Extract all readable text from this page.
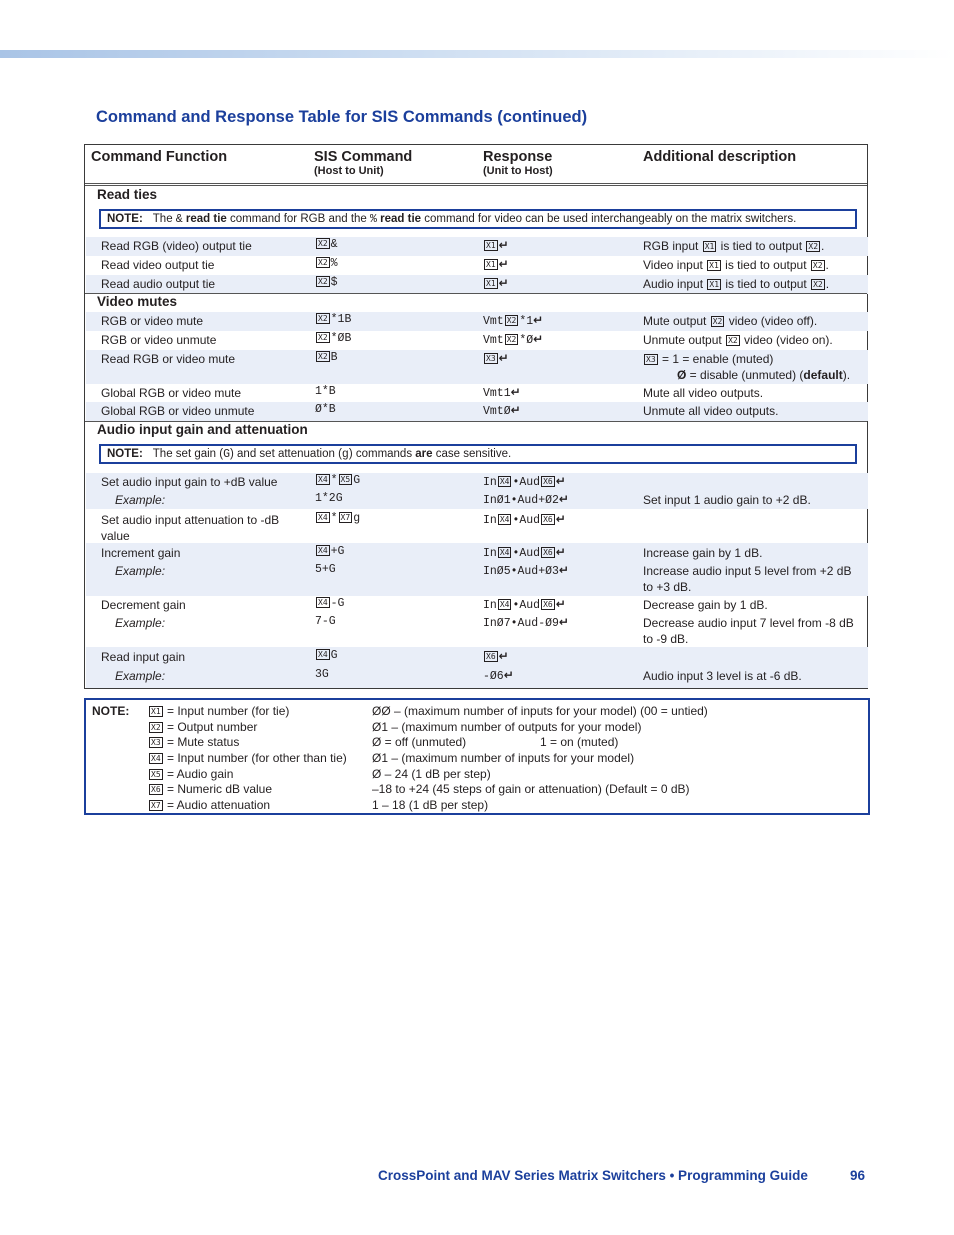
Command and Response Table for SIS Commands (continued)
Command Function	SIS Command
(Host to Unit)
Response
(Unit to Host)
Additional description
Read ties
NOTE: The & read tie command for RGB and the % read tie command for video can be used interchangeably on the matrix switchers.
Read RGB (video) output tie	X2 &	X1 ↵	RGB input X1 is tied to output X2 .
Read video output tie	X2 %	X1 ↵	Video input X1 is tied to output X2 .
Read audio output tie	X2 $	X1 ↵	Audio input X1 is tied to output X2 .
Video mutes
RGB or video mute	X2 *1B	Vmt X2 *1↵	Mute output X2 video (video off).
RGB or video unmute	X2 *ØB	Vmt X2 *Ø↵	Unmute output X2 video (video on).
Read RGB or video mute	X2 B	X3 ↵	X3 = 1 = enable (muted)
Ø = disable (unmuted) (default).
Global RGB or video mute	1*B	Vmt1↵	Mute all video outputs.
Global RGB or video unmute	Ø*B	VmtØ↵	Unmute all video outputs.
Audio input gain and attenuation
NOTE: The set gain (G) and set attenuation (g) commands are case sensitive.
Set audio input gain to +dB value	X4 * X5 G	In X4 •Aud X6 ↵
Example:	1*2G	InØ1•Aud+Ø2↵	Set input 1 audio gain to +2 dB.
Set audio input attenuation to -dB value
X4 * X7 g	In X4 •Aud X6 ↵
Increment gain	X4 +G	In X4 •Aud X6 ↵	Increase gain by 1 dB.
Example:	5+G	InØ5•Aud+Ø3↵	Increase audio input 5 level from +2 dB to +3 dB.
Decrement gain	X4 -G	In X4 •Aud X6 ↵	Decrease gain by 1 dB.
Example:	7-G	InØ7•Aud-Ø9↵	Decrease audio input 7 level from -8 dB to -9 dB.
Read input gain	X4 G	X6 ↵
Example:	3G	-Ø6↵	Audio input 3 level is at -6 dB.
NOTE:	X1 = Input number (for tie)	ØØ – (maximum number of inputs for your model) (00 = untied)
X2 = Output number	Ø1 – (maximum number of outputs for your model)
X3 = Mute status	Ø = off (unmuted)	1 = on (muted)
X4 = Input number (for other than tie) Ø1 – (maximum number of inputs for your model)
X5 = Audio gain	Ø – 24 (1 dB per step)
X6 = Numeric dB value	–18 to +24 (45 steps of gain or attenuation) (Default = 0 dB)
X7 = Audio attenuation	1 – 18 (1 dB per step)
CrossPoint and MAV Series Matrix Switchers • Programming Guide	96
